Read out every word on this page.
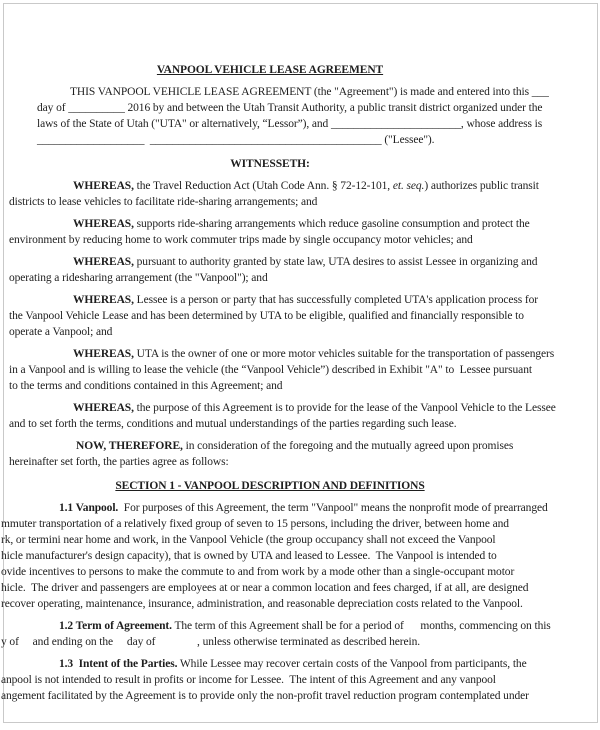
VANPOOL VEHICLE LEASE AGREEMENT
THIS VANPOOL VEHICLE LEASE AGREEMENT (the "Agreement") is made and entered into this ___
day of __________ 2016 by and between the Utah Transit Authority, a public transit district organized under the
laws of the State of Utah ("UTA" or alternatively, “Lessor”), and _______________________, whose address is
___________________  _________________________________________ ("Lessee").
WITNESSETH:
WHEREAS, the Travel Reduction Act (Utah Code Ann. § 72-12-101, et. seq.) authorizes public transit
districts to lease vehicles to facilitate ride-sharing arrangements; and
WHEREAS, supports ride-sharing arrangements which reduce gasoline consumption and protect the
environment by reducing home to work commuter trips made by single occupancy motor vehicles; and
WHEREAS, pursuant to authority granted by state law, UTA desires to assist Lessee in organizing and
operating a ridesharing arrangement (the "Vanpool"); and
WHEREAS, Lessee is a person or party that has successfully completed UTA's application process for
the Vanpool Vehicle Lease and has been determined by UTA to be eligible, qualified and financially responsible to
operate a Vanpool; and
WHEREAS, UTA is the owner of one or more motor vehicles suitable for the transportation of passengers
in a Vanpool and is willing to lease the vehicle (the “Vanpool Vehicle”) described in Exhibit "A" to  Lessee pursuant
to the terms and conditions contained in this Agreement; and
WHEREAS, the purpose of this Agreement is to provide for the lease of the Vanpool Vehicle to the Lessee
and to set forth the terms, conditions and mutual understandings of the parties regarding such lease.
NOW, THEREFORE, in consideration of the foregoing and the mutually agreed upon promises
hereinafter set forth, the parties agree as follows:
SECTION 1 - VANPOOL DESCRIPTION AND DEFINITIONS
1.1 Vanpool.  For purposes of this Agreement, the term "Vanpool" means the nonprofit mode of prearranged
mmuter transportation of a relatively fixed group of seven to 15 persons, including the driver, between home and
rk, or termini near home and work, in the Vanpool Vehicle (the group occupancy shall not exceed the Vanpool
hicle manufacturer's design capacity), that is owned by UTA and leased to Lessee.  The Vanpool is intended to
ovide incentives to persons to make the commute to and from work by a mode other than a single-occupant motor
hicle.  The driver and passengers are employees at or near a common location and fees charged, if at all, are designed
recover operating, maintenance, insurance, administration, and reasonable depreciation costs related to the Vanpool.
1.2 Term of Agreement. The term of this Agreement shall be for a period of      months, commencing on this
y of     and ending on the     day of               , unless otherwise terminated as described herein.
1.3  Intent of the Parties. While Lessee may recover certain costs of the Vanpool from participants, the
anpool is not intended to result in profits or income for Lessee.  The intent of this Agreement and any vanpool
angement facilitated by the Agreement is to provide only the non-profit travel reduction program contemplated under
